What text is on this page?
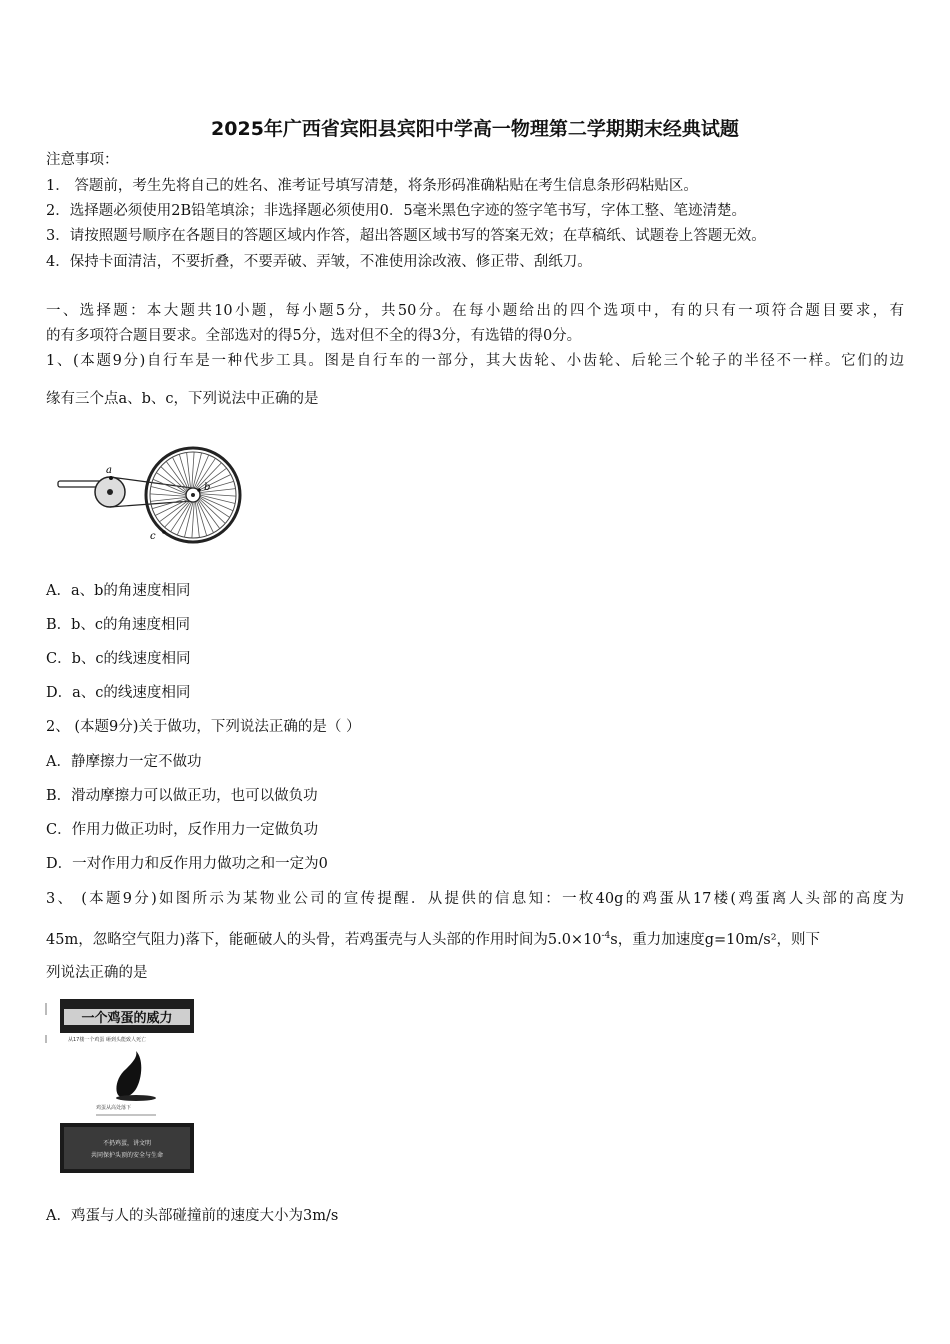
2025年广西省宾阳县宾阳中学高一物理第二学期期末经典试题
注意事项：
1． 答题前，考生先将自己的姓名、准考证号填写清楚，将条形码准确粘贴在考生信息条形码粘贴区。
2．选择题必须使用2B铅笔填涂；非选择题必须使用0．5毫米黑色字迹的签字笔书写，字体工整、笔迹清楚。
3．请按照题号顺序在各题目的答题区域内作答，超出答题区域书写的答案无效；在草稿纸、试题卷上答题无效。
4．保持卡面清洁，不要折叠，不要弄破、弄皱，不准使用涂改液、修正带、刮纸刀。
一、选择题：本大题共10小题，每小题5分，共50分。在每小题给出的四个选项中，有的只有一项符合题目要求，有
的有多项符合题目要求。全部选对的得5分，选对但不全的得3分，有选错的得0分。
1、(本题9分)自行车是一种代步工具。图是自行车的一部分，其大齿轮、小齿轮、后轮三个轮子的半径不一样。它们的边
缘有三个点a、b、c，下列说法中正确的是
a
b
c
A．a、b的角速度相同
B．b、c的角速度相同
C．b、c的线速度相同
D．a、c的线速度相同
2、 (本题9分)关于做功，下列说法正确的是（ ）
A．静摩擦力一定不做功
B．滑动摩擦力可以做正功，也可以做负功
C．作用力做正功时，反作用力一定做负功
D．一对作用力和反作用力做功之和一定为0
3、 (本题9分)如图所示为某物业公司的宣传提醒．从提供的信息知：一枚40g的鸡蛋从17楼(鸡蛋离人头部的高度为
45m，忽略空气阻力)落下，能砸破人的头骨，若鸡蛋壳与人头部的作用时间为$5.0\times 10^{-4}s$，重力加速度g=10m/s²，则下
列说法正确的是
一个鸡蛋的威力
从17楼一个鸡蛋 砸到头能致人死亡
鸡蛋从高处落下
不扔鸡蛋，讲文明
共同保护头顶的安全与生命
A．鸡蛋与人的头部碰撞前的速度大小为3m/s
